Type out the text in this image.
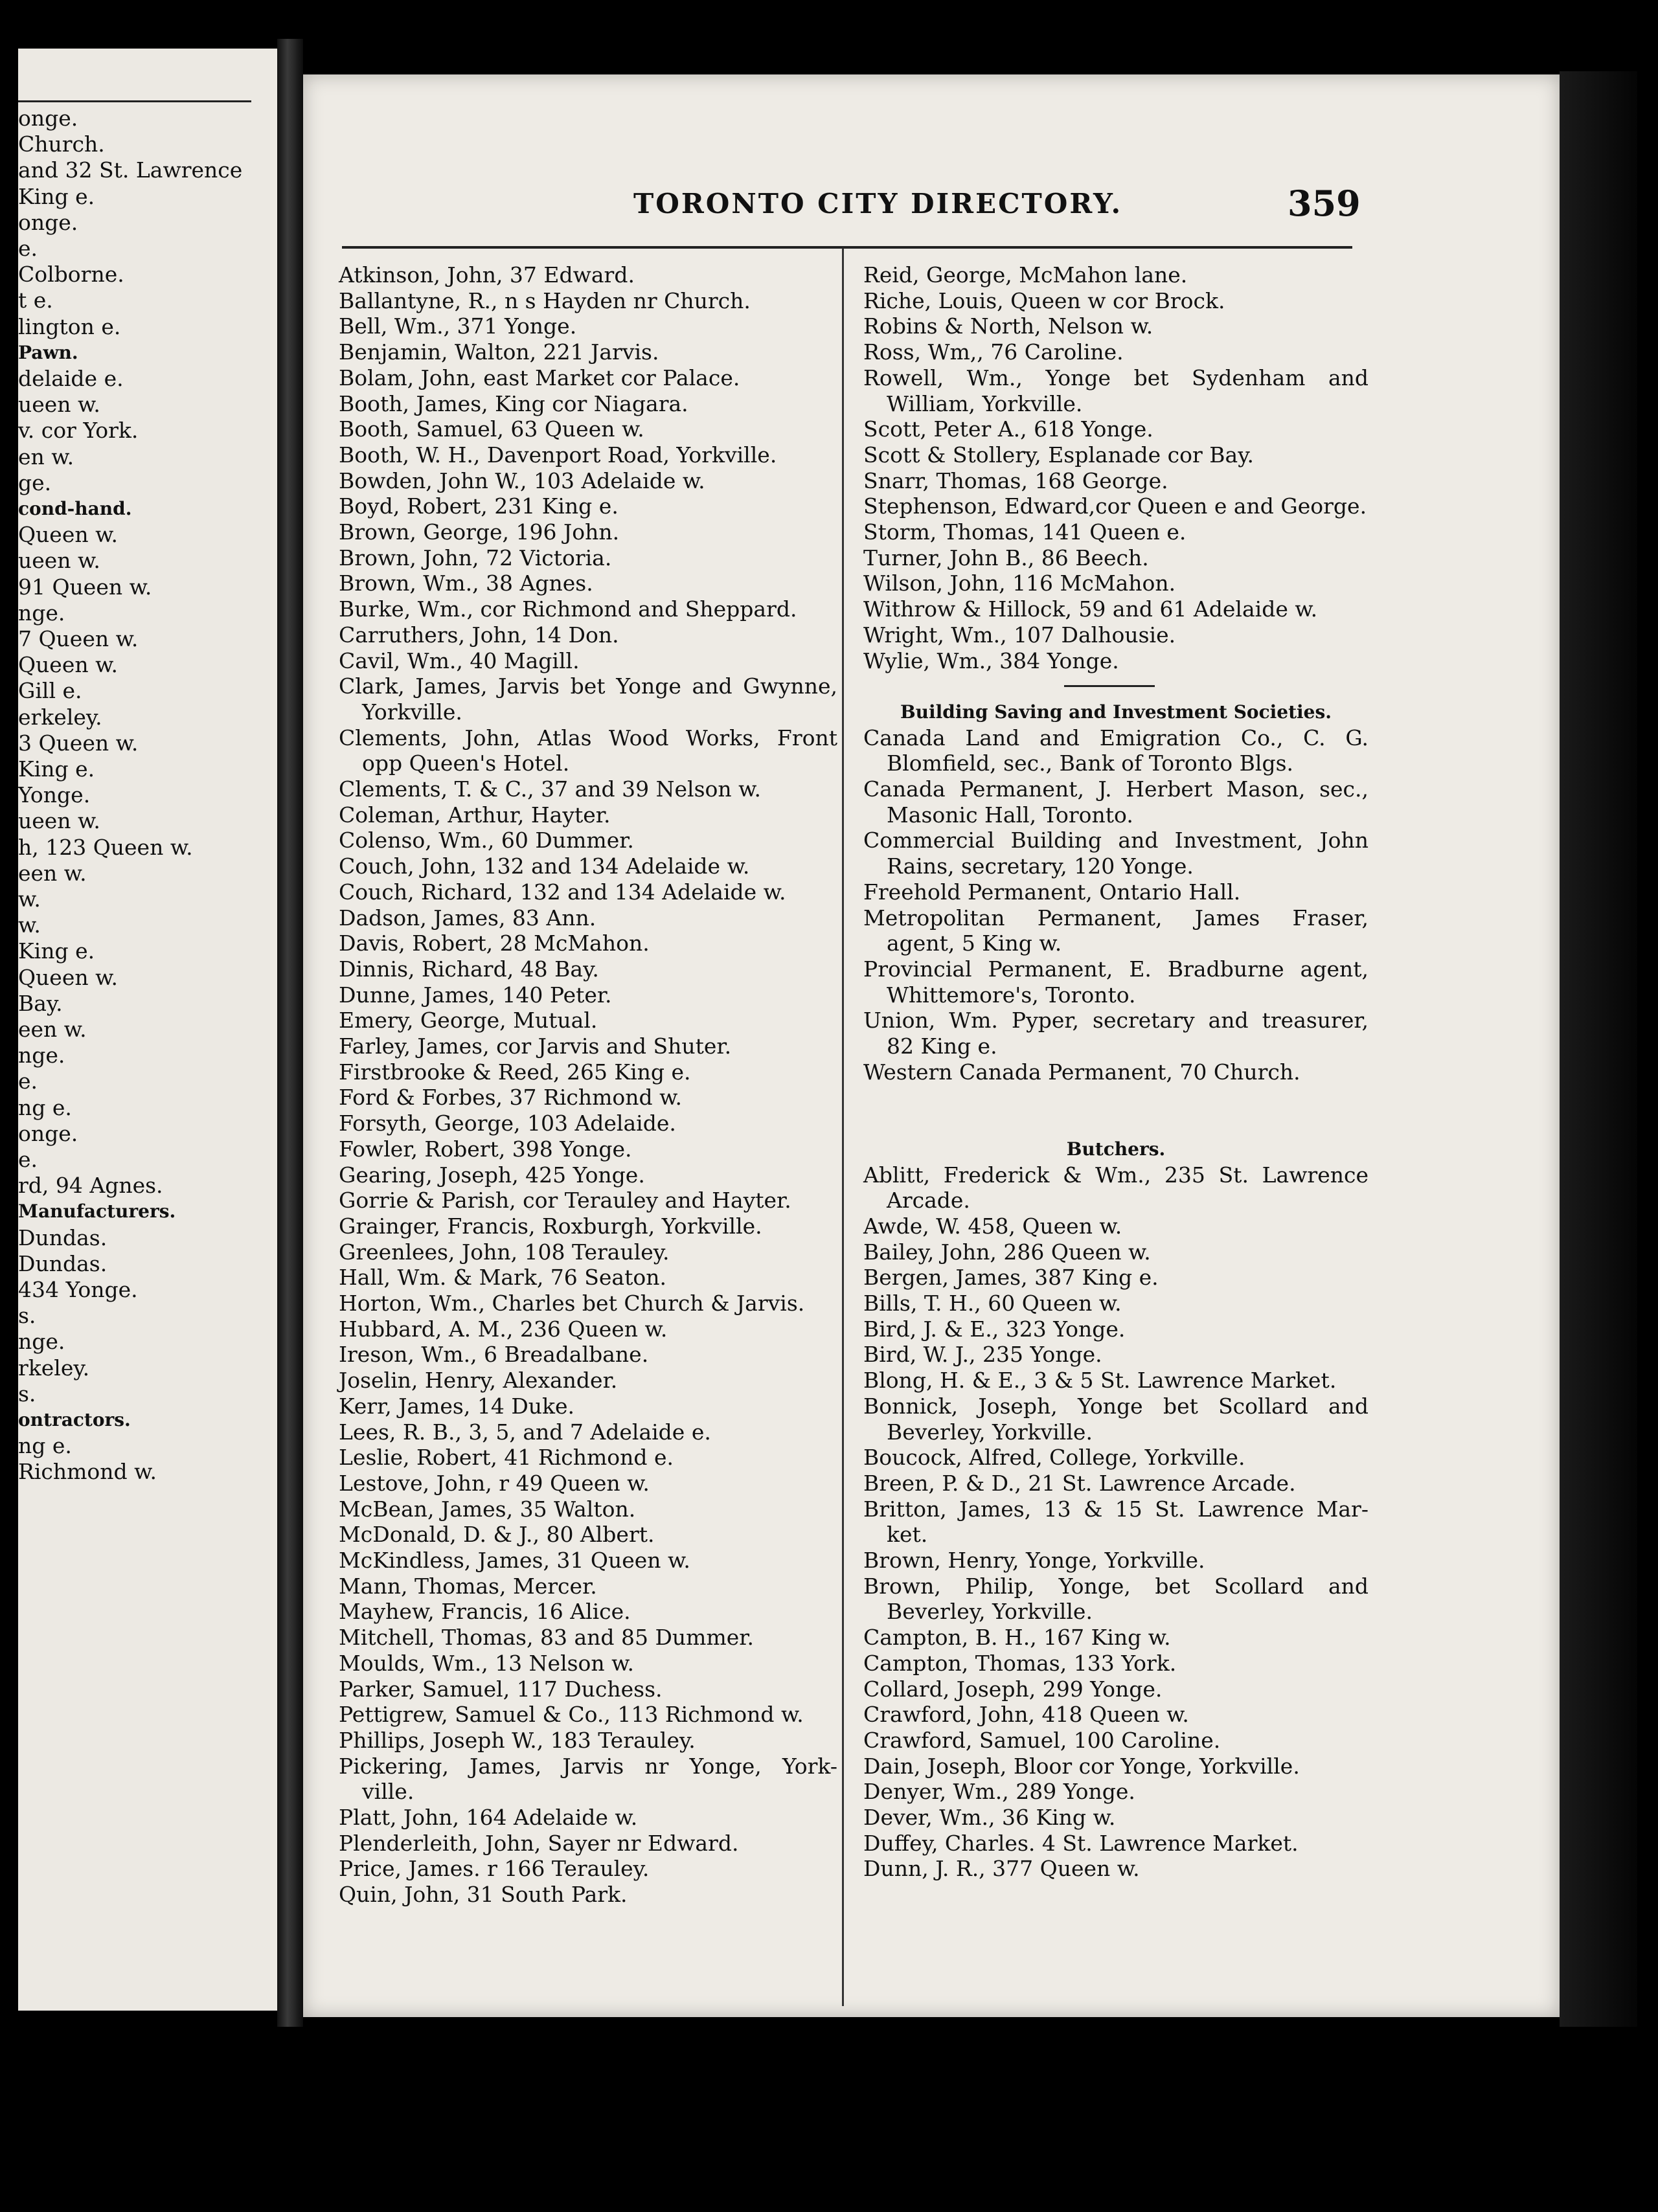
onge.
Church.
and 32 St. Lawrence
King e.
onge.
e.
Colborne.
t e.
lington e.
Pawn.
delaide e.
ueen w.
v. cor York.
en w.
ge.
cond-hand.
Queen w.
ueen w.
91 Queen w.
nge.
7 Queen w.
Queen w.
Gill e.
erkeley.
3 Queen w.
King e.
Yonge.
ueen w.
h, 123 Queen w.
een w.
w.
w.
King e.
Queen w.
Bay.
een w.
nge.
e.
ng e.
onge.
e.
rd, 94 Agnes.
Manufacturers.
Dundas.
Dundas.
434 Yonge.
s.
nge.
rkeley.
s.
ontractors.
ng e.
Richmond w.
TORONTO CITY DIRECTORY.	359
Atkinson, John, 37 Edward.
Ballantyne, R., n s Hayden nr Church.
Bell, Wm., 371 Yonge.
Benjamin, Walton, 221 Jarvis.
Bolam, John, east Market cor Palace.
Booth, James, King cor Niagara.
Booth, Samuel, 63 Queen w.
Booth, W. H., Davenport Road, Yorkville.
Bowden, John W., 103 Adelaide w.
Boyd, Robert, 231 King e.
Brown, George, 196 John.
Brown, John, 72 Victoria.
Brown, Wm., 38 Agnes.
Burke, Wm., cor Richmond and Sheppard.
Carruthers, John, 14 Don.
Cavil, Wm., 40 Magill.
Clark, James, Jarvis bet Yonge and Gwynne,
Yorkville.
Clements, John, Atlas Wood Works, Front
opp Queen's Hotel.
Clements, T. & C., 37 and 39 Nelson w.
Coleman, Arthur, Hayter.
Colenso, Wm., 60 Dummer.
Couch, John, 132 and 134 Adelaide w.
Couch, Richard, 132 and 134 Adelaide w.
Dadson, James, 83 Ann.
Davis, Robert, 28 McMahon.
Dinnis, Richard, 48 Bay.
Dunne, James, 140 Peter.
Emery, George, Mutual.
Farley, James, cor Jarvis and Shuter.
Firstbrooke & Reed, 265 King e.
Ford & Forbes, 37 Richmond w.
Forsyth, George, 103 Adelaide.
Fowler, Robert, 398 Yonge.
Gearing, Joseph, 425 Yonge.
Gorrie & Parish, cor Terauley and Hayter.
Grainger, Francis, Roxburgh, Yorkville.
Greenlees, John, 108 Terauley.
Hall, Wm. & Mark, 76 Seaton.
Horton, Wm., Charles bet Church & Jarvis.
Hubbard, A. M., 236 Queen w.
Ireson, Wm., 6 Breadalbane.
Joselin, Henry, Alexander.
Kerr, James, 14 Duke.
Lees, R. B., 3, 5, and 7 Adelaide e.
Leslie, Robert, 41 Richmond e.
Lestove, John, r 49 Queen w.
McBean, James, 35 Walton.
McDonald, D. & J., 80 Albert.
McKindless, James, 31 Queen w.
Mann, Thomas, Mercer.
Mayhew, Francis, 16 Alice.
Mitchell, Thomas, 83 and 85 Dummer.
Moulds, Wm., 13 Nelson w.
Parker, Samuel, 117 Duchess.
Pettigrew, Samuel & Co., 113 Richmond w.
Phillips, Joseph W., 183 Terauley.
Pickering, James, Jarvis nr Yonge, York-
ville.
Platt, John, 164 Adelaide w.
Plenderleith, John, Sayer nr Edward.
Price, James. r 166 Terauley.
Quin, John, 31 South Park.
Reid, George, McMahon lane.
Riche, Louis, Queen w cor Brock.
Robins & North, Nelson w.
Ross, Wm,, 76 Caroline.
Rowell, Wm., Yonge bet Sydenham and
William, Yorkville.
Scott, Peter A., 618 Yonge.
Scott & Stollery, Esplanade cor Bay.
Snarr, Thomas, 168 George.
Stephenson, Edward,cor Queen e and George.
Storm, Thomas, 141 Queen e.
Turner, John B., 86 Beech.
Wilson, John, 116 McMahon.
Withrow & Hillock, 59 and 61 Adelaide w.
Wright, Wm., 107 Dalhousie.
Wylie, Wm., 384 Yonge.
Building Saving and Investment Societies.
Canada Land and Emigration Co., C. G.
Blomfield, sec., Bank of Toronto Blgs.
Canada Permanent, J. Herbert Mason, sec.,
Masonic Hall, Toronto.
Commercial Building and Investment, John
Rains, secretary, 120 Yonge.
Freehold Permanent, Ontario Hall.
Metropolitan Permanent, James Fraser,
agent, 5 King w.
Provincial Permanent, E. Bradburne agent,
Whittemore's, Toronto.
Union, Wm. Pyper, secretary and treasurer,
82 King e.
Western Canada Permanent, 70 Church.
Butchers.
Ablitt, Frederick & Wm., 235 St. Lawrence
Arcade.
Awde, W. 458, Queen w.
Bailey, John, 286 Queen w.
Bergen, James, 387 King e.
Bills, T. H., 60 Queen w.
Bird, J. & E., 323 Yonge.
Bird, W. J., 235 Yonge.
Blong, H. & E., 3 & 5 St. Lawrence Market.
Bonnick, Joseph, Yonge bet Scollard and
Beverley, Yorkville.
Boucock, Alfred, College, Yorkville.
Breen, P. & D., 21 St. Lawrence Arcade.
Britton, James, 13 & 15 St. Lawrence Mar-
ket.
Brown, Henry, Yonge, Yorkville.
Brown, Philip, Yonge, bet Scollard and
Beverley, Yorkville.
Campton, B. H., 167 King w.
Campton, Thomas, 133 York.
Collard, Joseph, 299 Yonge.
Crawford, John, 418 Queen w.
Crawford, Samuel, 100 Caroline.
Dain, Joseph, Bloor cor Yonge, Yorkville.
Denyer, Wm., 289 Yonge.
Dever, Wm., 36 King w.
Duffey, Charles. 4 St. Lawrence Market.
Dunn, J. R., 377 Queen w.
